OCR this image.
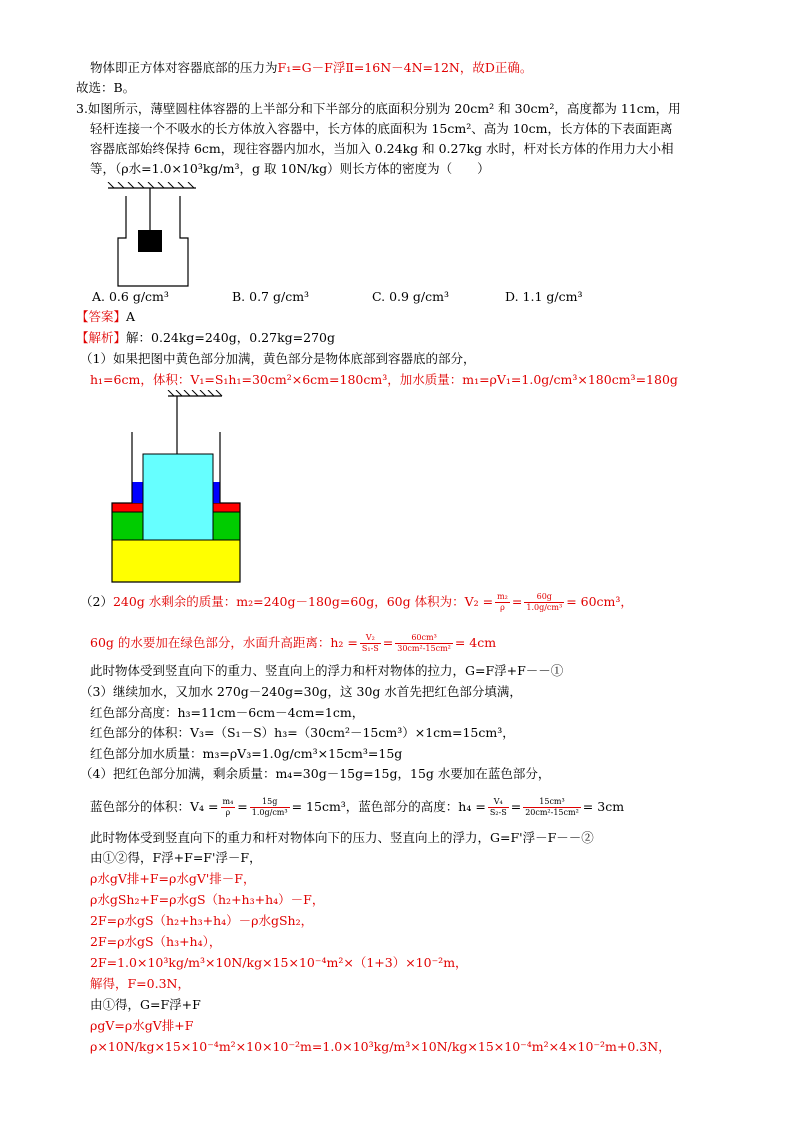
物体即正方体对容器底部的压力为F₁=G－F浮Ⅱ=16N－4N=12N，故D正确。
故选：B。
3.如图所示，薄壁圆柱体容器的上半部分和下半部分的底面积分别为 20cm² 和 30cm²，高度都为 11cm，用
轻杆连接一个不吸水的长方体放入容器中，长方体的底面积为 15cm²、高为 10cm，长方体的下表面距离
容器底部始终保持 6cm，现往容器内加水，当加入 0.24kg 和 0.27kg 水时，杆对长方体的作用力大小相
等，（ρ水=1.0×10³kg/m³，g 取 10N/kg）则长方体的密度为（　　）
A. 0.6 g/cm³	B. 0.7 g/cm³	C. 0.9 g/cm³	D. 1.1 g/cm³
【答案】A
【解析】解：0.24kg=240g，0.27kg=270g
（1）如果把图中黄色部分加满，黄色部分是物体底部到容器底的部分，
h₁=6cm，体积：V₁=S₁h₁=30cm²×6cm=180cm³，加水质量：m₁=ρV₁=1.0g/cm³×180cm³=180g
（2）240g 水剩余的质量：m₂=240g－180g=60g，60g 体积为：$V_2 = \frac{\text{m₂}}{\rho} = \frac{60g}{\text{1.0g/cm³}} = 60cm^3$，
60g 的水要加在绿色部分，水面升高距离：$h_2 = \frac{\text{V₂}}{\text{S₁-S}} = \frac{\text{60cm³}}{\text{30cm²-15cm²}} = 4cm$
此时物体受到竖直向下的重力、竖直向上的浮力和杆对物体的拉力，G=F浮+F－－①
（3）继续加水，又加水 270g－240g=30g，这 30g 水首先把红色部分填满，
红色部分高度：h₃=11cm－6cm－4cm=1cm，
红色部分的体积：V₃=（S₁－S）h₃=（30cm²－15cm³）×1cm=15cm³，
红色部分加水质量：m₃=ρV₃=1.0g/cm³×15cm³=15g
（4）把红色部分加满，剩余质量：m₄=30g－15g=15g，15g 水要加在蓝色部分，
蓝色部分的体积：$V_4 = \frac{\text{m₄}}{\rho} = \frac{15g}{\text{1.0g/cm³}} = 15cm^3$，蓝色部分的高度：$h_4 = \frac{\text{V₄}}{\text{S₂-S}} = \frac{\text{15cm³}}{\text{20cm²-15cm²}} = 3cm$
此时物体受到竖直向下的重力和杆对物体向下的压力、竖直向上的浮力，G=F'浮－F－－②
由①②得，F浮+F=F'浮－F，
ρ水gV排+F=ρ水gV'排－F，
ρ水gSh₂+F=ρ水gS（h₂+h₃+h₄）－F，
2F=ρ水gS（h₂+h₃+h₄）－ρ水gSh₂，
2F=ρ水gS（h₃+h₄），
2F=1.0×10³kg/m³×10N/kg×15×10⁻⁴m²×（1+3）×10⁻²m，
解得，F=0.3N，
由①得，G=F浮+F
ρgV=ρ水gV排+F
ρ×10N/kg×15×10⁻⁴m²×10×10⁻²m=1.0×10³kg/m³×10N/kg×15×10⁻⁴m²×4×10⁻²m+0.3N，
